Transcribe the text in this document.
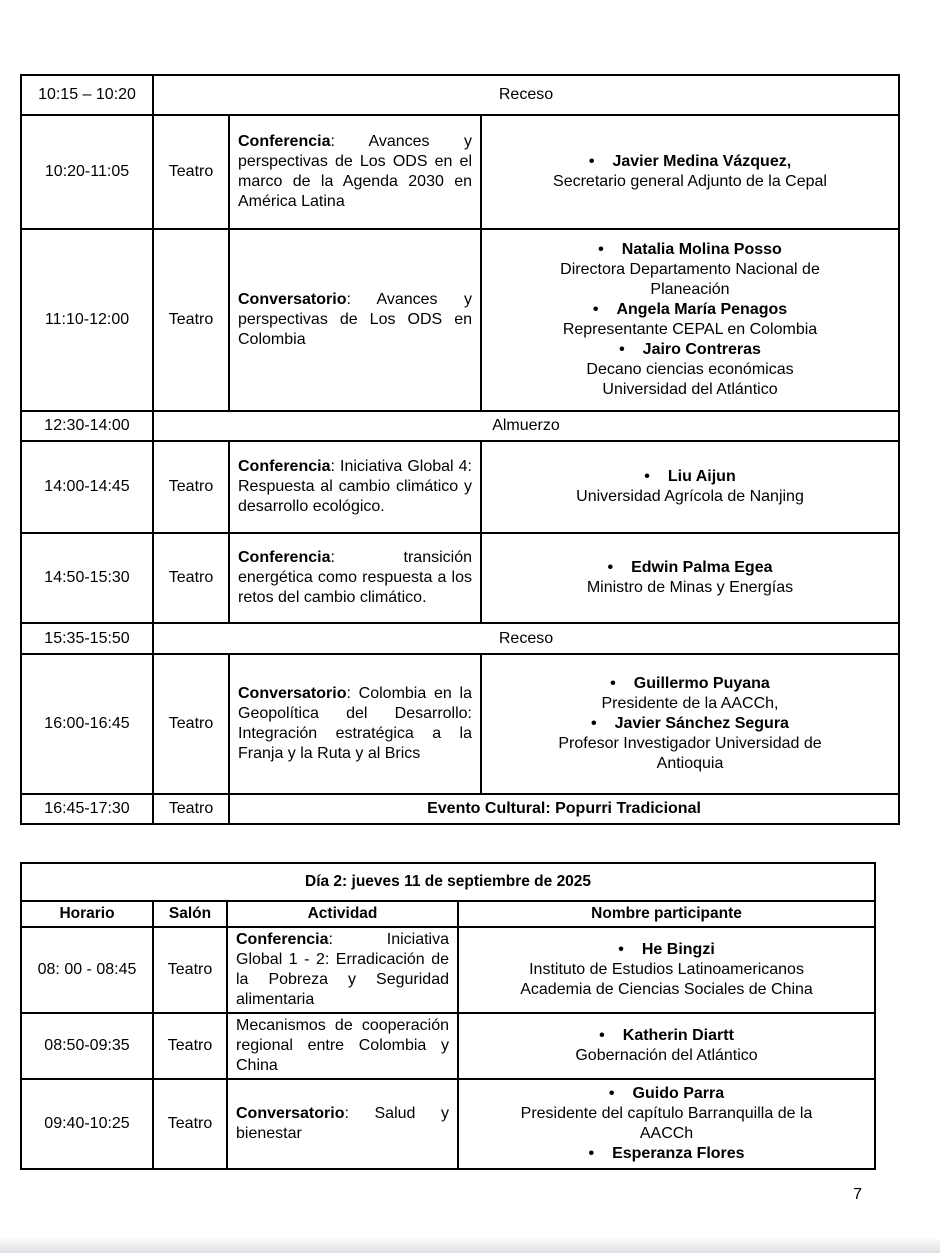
10:15 – 10:20	Receso		
10:20-11:05	Teatro	Conferencia: Avances y perspectivas de Los ODS en el marco de la Agenda 2030 en América Latina	• Javier Medina Vázquez,
Secretario general Adjunto de la Cepal

11:10-12:00	Teatro	Conversatorio: Avances y perspectivas de Los ODS en Colombia	
• Natalia Molina Posso
Directora Departamento Nacional de
Planeación
• Angela María Penagos
Representante CEPAL en Colombia
• Jairo Contreras
Decano ciencias económicas
Universidad del Atlántico

12:30-14:00	Almuerzo		
14:00-14:45	Teatro	Conferencia: Iniciativa Global 4: Respuesta al cambio climático y desarrollo ecológico.	• Liu Aijun
Universidad Agrícola de Nanjing

14:50-15:30	Teatro	Conferencia: transición energética como respuesta a los retos del cambio climático.	• Edwin Palma Egea
Ministro de Minas y Energías

15:35-15:50	Receso		
16:00-16:45	Teatro	Conversatorio: Colombia en la Geopolítica del Desarrollo: Integración estratégica a la Franja y la Ruta y al Brics	• Guillermo Puyana
Presidente de la AACCh,
• Javier Sánchez Segura
Profesor Investigador Universidad de
Antioquia

16:45-17:30	Teatro	Evento Cultural: Popurri Tradicional	
Día 2: jueves 11 de septiembre de 2025			
Horario	Salón	Actividad	Nombre participante
08: 00 - 08:45	Teatro	Conferencia: Iniciativa Global 1 - 2: Erradicación de la Pobreza y Seguridad alimentaria	• He Bingzi
Instituto de Estudios Latinoamericanos
Academia de Ciencias Sociales de China

08:50-09:35	Teatro	Mecanismos de cooperación regional entre Colombia y China	• Katherin Diartt
Gobernación del Atlántico

09:40-10:25	Teatro	Conversatorio: Salud y bienestar	• Guido Parra
Presidente del capítulo Barranquilla de la
AACCh
• Esperanza Flores
7
